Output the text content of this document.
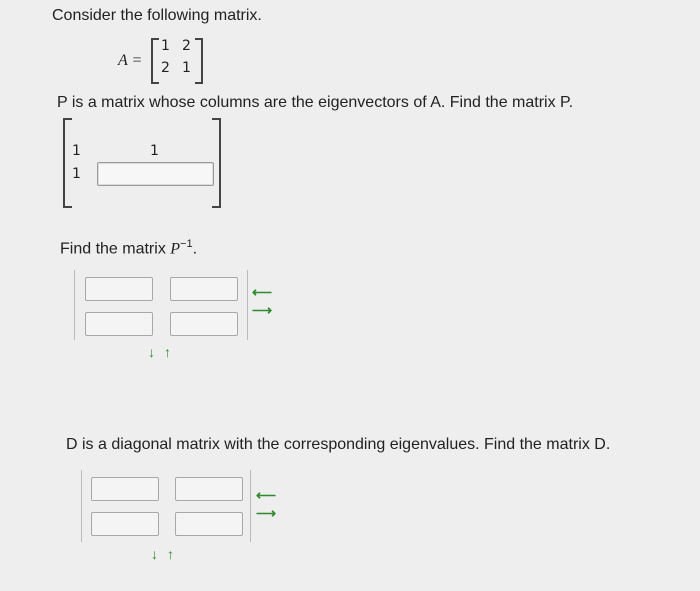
Consider the following matrix.
A =
1 2
2 1
P is a matrix whose columns are the eigenvectors of A. Find the matrix P.
1
1
1
Find the matrix $P^{-1}$.
⟵
⟶
↓ ↑
D is a diagonal matrix with the corresponding eigenvalues. Find the matrix D.
⟵
⟶
↓ ↑
